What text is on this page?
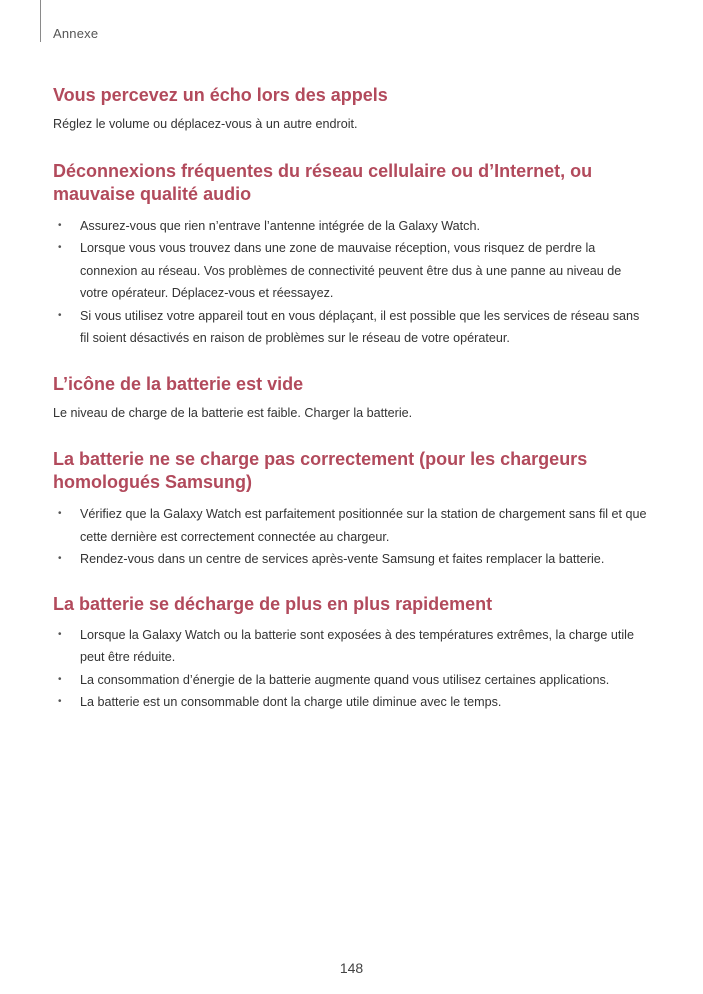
Annexe
Vous percevez un écho lors des appels

Réglez le volume ou déplacez-vous à un autre endroit.

Déconnexions fréquentes du réseau cellulaire ou d’Internet, ou mauvaise qualité audio
• Assurez-vous que rien n’entrave l’antenne intégrée de la Galaxy Watch.
• Lorsque vous vous trouvez dans une zone de mauvaise réception, vous risquez de perdre la connexion au réseau. Vos problèmes de connectivité peuvent être dus à une panne au niveau de votre opérateur. Déplacez-vous et réessayez.
• Si vous utilisez votre appareil tout en vous déplaçant, il est possible que les services de réseau sans fil soient désactivés en raison de problèmes sur le réseau de votre opérateur.
L’icône de la batterie est vide

Le niveau de charge de la batterie est faible. Charger la batterie.

La batterie ne se charge pas correctement (pour les chargeurs homologués Samsung)
• Vérifiez que la Galaxy Watch est parfaitement positionnée sur la station de chargement sans fil et que cette dernière est correctement connectée au chargeur.
• Rendez-vous dans un centre de services après-vente Samsung et faites remplacer la batterie.
La batterie se décharge de plus en plus rapidement
• Lorsque la Galaxy Watch ou la batterie sont exposées à des températures extrêmes, la charge utile peut être réduite.
• La consommation d’énergie de la batterie augmente quand vous utilisez certaines applications.
• La batterie est un consommable dont la charge utile diminue avec le temps.
148
